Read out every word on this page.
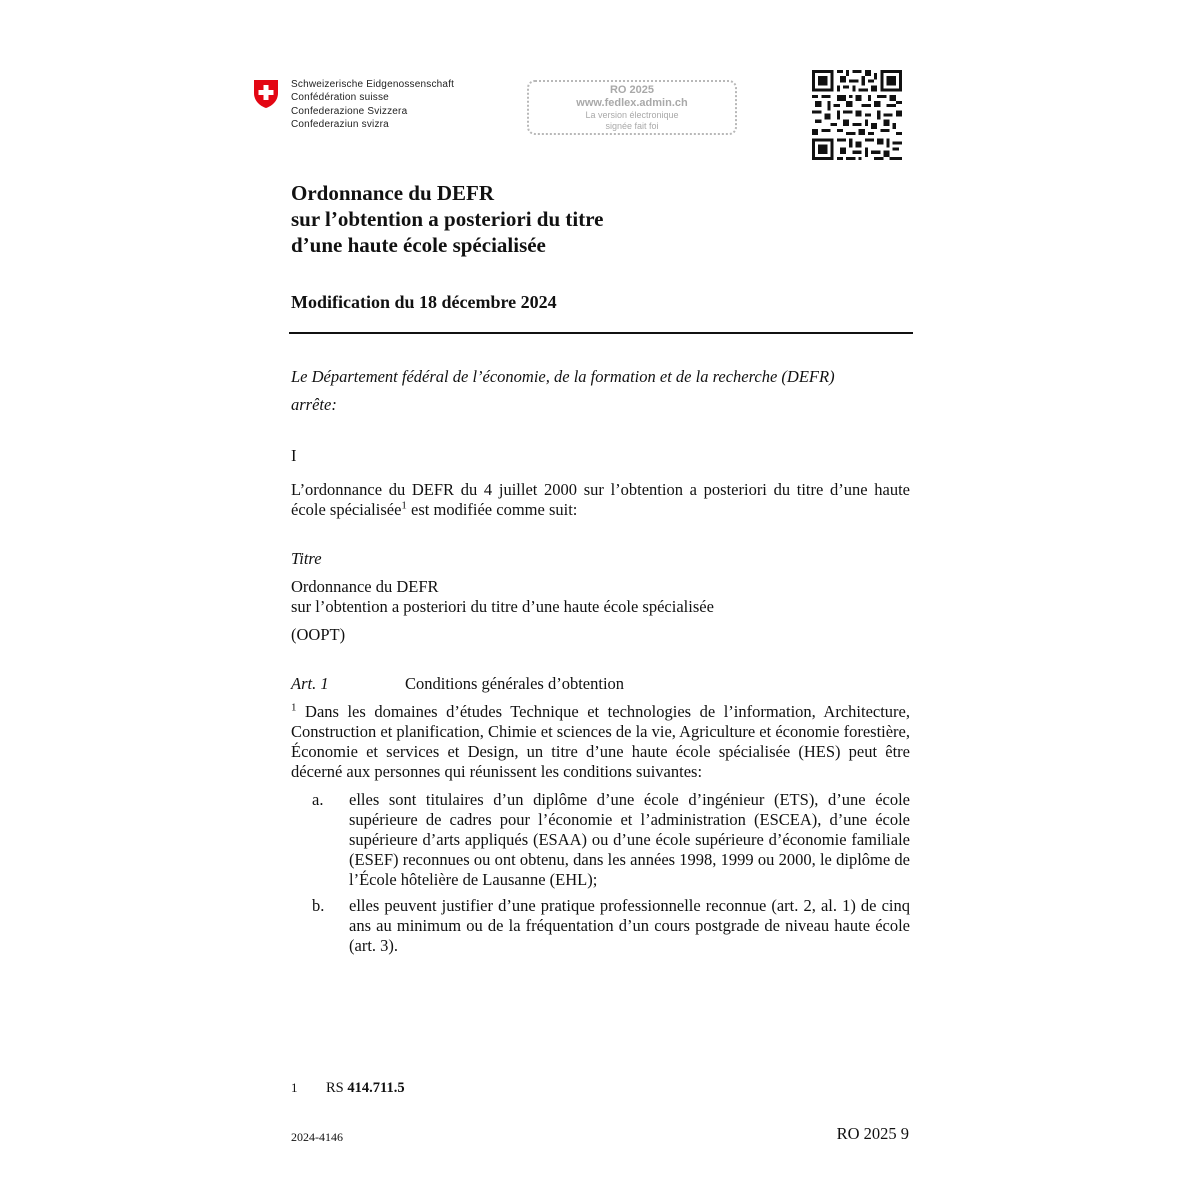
Schweizerische Eidgenossenschaft
Confédération suisse
Confederazione Svizzera
Confederaziun svizra
RO 2025
www.fedlex.admin.ch
La version électronique
signée fait foi
Ordonnance du DEFR
sur l’obtention a posteriori du titre
d’une haute école spécialisée
Modification du 18 décembre 2024
Le Département fédéral de l’économie, de la formation et de la recherche (DEFR)
arrête:
I
L’ordonnance du DEFR du 4 juillet 2000 sur l’obtention a posteriori du titre d’une haute école spécialisée$^1$ est modifiée comme suit:
Titre
Ordonnance du DEFR
sur l’obtention a posteriori du titre d’une haute école spécialisée
(OOPT)
Art. 1	Conditions générales d’obtention
$^1$ Dans les domaines d’études Technique et technologies de l’information, Architecture, Construction et planification, Chimie et sciences de la vie, Agriculture et économie forestière, Économie et services et Design, un titre d’une haute école spécialisée (HES) peut être décerné aux personnes qui réunissent les conditions suivantes:
a.	elles sont titulaires d’un diplôme d’une école d’ingénieur (ETS), d’une école supérieure de cadres pour l’économie et l’administration (ESCEA), d’une école supérieure d’arts appliqués (ESAA) ou d’une école supérieure d’économie familiale (ESEF) reconnues ou ont obtenu, dans les années 1998, 1999 ou 2000, le diplôme de l’École hôtelière de Lausanne (EHL);
b.	elles peuvent justifier d’une pratique professionnelle reconnue (art. 2, al. 1) de cinq ans au minimum ou de la fréquentation d’un cours postgrade de niveau haute école (art. 3).
1 RS 414.711.5
2024-4146	RO 2025 9
